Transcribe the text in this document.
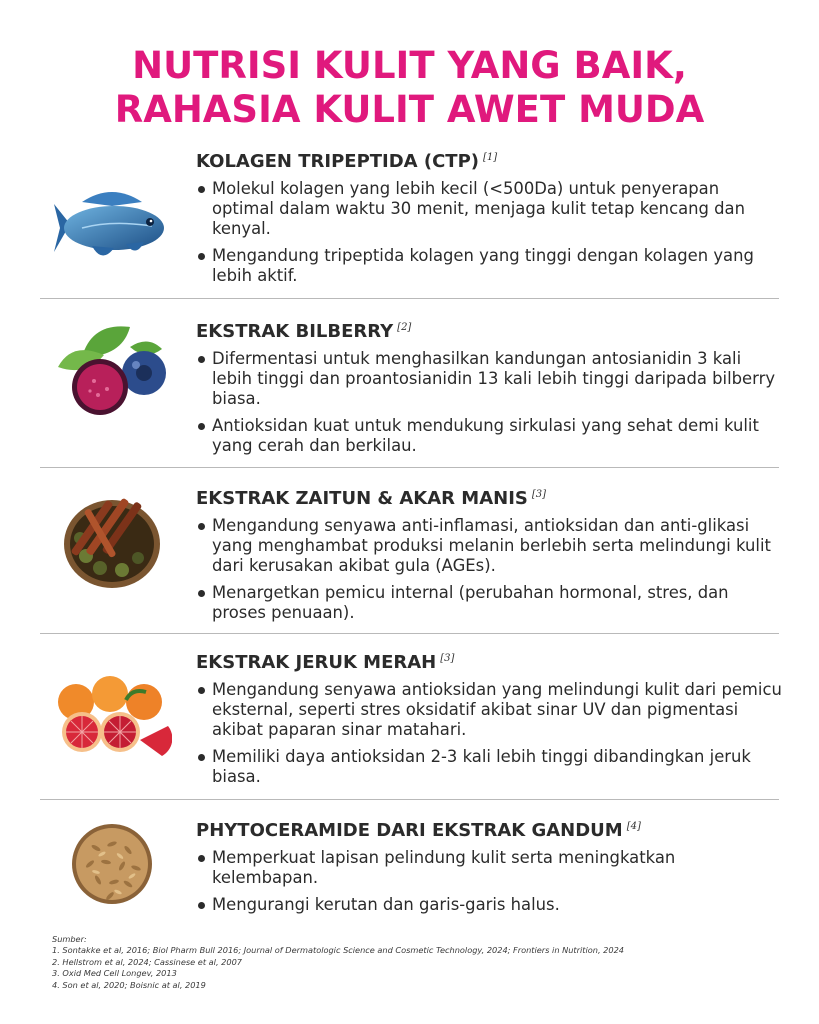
NUTRISI KULIT YANG BAIK,
RAHASIA KULIT AWET MUDA
KOLAGEN TRIPEPTIDA (CTP) [1]
Molekul kolagen yang lebih kecil (<500Da) untuk penyerapan optimal dalam waktu 30 menit, menjaga kulit tetap kencang dan kenyal.
Mengandung tripeptida kolagen yang tinggi dengan kolagen yang lebih aktif.
EKSTRAK BILBERRY [2]
Difermentasi untuk menghasilkan kandungan antosianidin 3 kali lebih tinggi dan proantosianidin 13 kali lebih tinggi daripada bilberry biasa.
Antioksidan kuat untuk mendukung sirkulasi yang sehat demi kulit yang cerah dan berkilau.
EKSTRAK ZAITUN & AKAR MANIS [3]
Mengandung senyawa anti-inflamasi, antioksidan dan anti-glikasi yang menghambat produksi melanin berlebih serta melindungi kulit dari kerusakan akibat gula (AGEs).
Menargetkan pemicu internal (perubahan hormonal, stres, dan proses penuaan).
EKSTRAK JERUK MERAH [3]
Mengandung senyawa antioksidan yang melindungi kulit dari pemicu eksternal, seperti stres oksidatif akibat sinar UV dan pigmentasi akibat paparan sinar matahari.
Memiliki daya antioksidan 2-3 kali lebih tinggi dibandingkan jeruk biasa.
PHYTOCERAMIDE DARI EKSTRAK GANDUM [4]
Memperkuat lapisan pelindung kulit serta meningkatkan kelembapan.
Mengurangi kerutan dan garis-garis halus.
Sumber:
1. Sontakke et al, 2016; Biol Pharm Bull 2016; Journal of Dermatologic Science and Cosmetic Technology, 2024; Frontiers in Nutrition, 2024
2. Hellstrom et al, 2024; Cassinese et al, 2007
3. Oxid Med Cell Longev, 2013
4. Son et al, 2020; Boisnic at al, 2019
